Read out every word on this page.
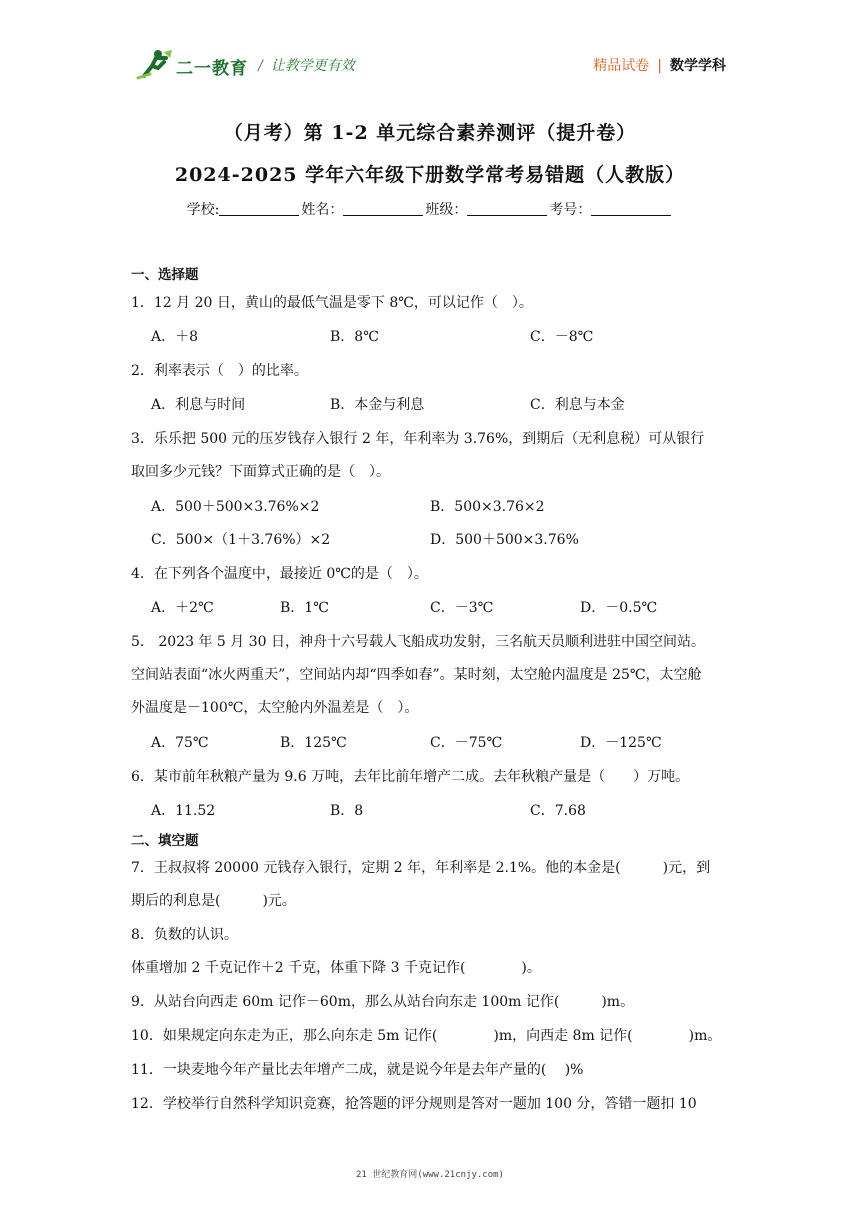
二一教育 / 让教学更有效	精品试卷 | 数学学科
（月考）第 1-2 单元综合素养测评（提升卷）
2024-2025 学年六年级下册数学常考易错题（人教版）
学校:	姓名：	班级：	考号：
一、选择题
1．12 月 20 日，黄山的最低气温是零下 8℃，可以记作（　）。
A．＋8	B．8℃	C．－8℃
2．利率表示（　）的比率。
A．利息与时间	B．本金与利息	C．利息与本金
3．乐乐把 500 元的压岁钱存入银行 2 年，年利率为 3.76%，到期后（无利息税）可从银行
取回多少元钱？下面算式正确的是（　）。
A．500＋500×3.76%×2	B．500×3.76×2
C．500×（1＋3.76%）×2	D．500＋500×3.76%
4．在下列各个温度中，最接近 0℃的是（　）。
A．＋2℃	B．1℃	C．－3℃	D．－0.5℃
5． 2023 年 5 月 30 日，神舟十六号载人飞船成功发射，三名航天员顺利进驻中国空间站。
空间站表面“冰火两重天”，空间站内却“四季如春”。某时刻，太空舱内温度是 25℃，太空舱
外温度是－100℃，太空舱内外温差是（　）。
A．75℃	B．125℃	C．－75℃	D．－125℃
6．某市前年秋粮产量为 9.6 万吨，去年比前年增产二成。去年秋粮产量是（　　）万吨。
A．11.52	B．8	C．7.68
二、填空题
7．王叔叔将 20000 元钱存入银行，定期 2 年，年利率是 2.1%。他的本金是(　　　)元，到
期后的利息是(　　　)元。
8．负数的认识。
体重增加 2 千克记作＋2 千克，体重下降 3 千克记作(　　　　)。
9．从站台向西走 60m 记作－60m，那么从站台向东走 100m 记作(　　　)m。
10．如果规定向东走为正，那么向东走 5m 记作(　　　　)m，向西走 8m 记作(　　　　)m。
11．一块麦地今年产量比去年增产二成，就是说今年是去年产量的(　 )%
12．学校举行自然科学知识竞赛，抢答题的评分规则是答对一题加 100 分，答错一题扣 10
21 世纪教育网(www.21cnjy.com)
